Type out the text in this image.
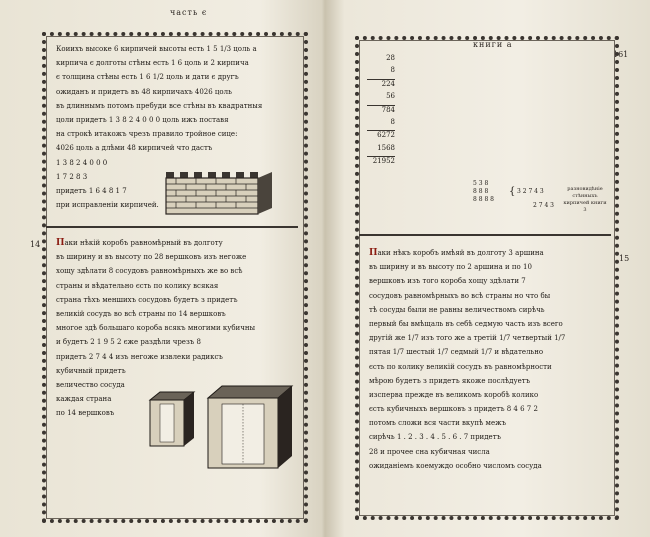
часть є
14
Коиихъ высоке 6 кирпичей высоты есть 1 5 1/3 цоль а
кирпича є долготы стѣны есть 1 6 цоль и 2 кирпича
є толщина стѣны есть 1 6 1/2 цоль и дати є другъ
ожиданъ и придетъ въ 48 кирпичахъ 4026 цоль
въ длиннымъ потомъ пребуди все стѣны въ квадратныя
цоли придетъ 1 3 8 2 4 0 0 0 цоль ижъ поставя
на строкѣ итакожъ чрезъ правило тройное сице:
4026 цоль а длѣми 48 кирпичей что дастъ
1 3 8 2 4 0 0 0
1 7 2 8 3
придетъ 1 6 4 8 1 7
при исправленіи кирпичей.
Паки нѣкій коробъ равномѣрный въ долготу
въ ширину и въ высоту по 28 вершковъ изъ негоже
хощу здѣлати 8 сосудовъ равномѣрныхъ же во всѣ
страны и вѣдательно єсть по колику всякая
страна тѣхъ меншихъ сосудовъ будетъ з придетъ
великій сосудъ во всѣ страны по 14 вершковъ
многое здѣ большаго короба всякъ многими кубичны
и будетъ 2 1 9 5 2 єже раздѣли чрезъ 8
придетъ 2 7 4 4 изъ негоже извлеки радиксъ
кубичный придетъ
величество сосуда
каждая страна
по 14 вершковъ
книги а
161
15
28
8
224
56
784
8
6272
1568
21952
5 3 8
8 8 8
8 8 8 8
{ 3 2 7 4 3
2 7 4 3
разновидѣніе стѣнныхъ кирпичей книги 3
Паки нѣкъ коробъ имѣяй въ долготу 3 аршина
въ ширину и въ высоту по 2 аршина и по 10
вершковъ изъ того короба хощу здѣлати 7
сосудовъ равномѣрныхъ во всѣ страны но что бы
тѣ сосуды были не равны величествомъ сирѣчь
первый бы вмѣщаль въ себѣ седмую часть изъ всего
другій же 1/7 изъ того же а третій 1/7 четвертый 1/7
пятая 1/7 шестый 1/7 седмый 1/7 и вѣдательно
єсть по колику великій сосудъ въ равномѣрности
мѣрою будетъ з придетъ якоже послѣдуетъ
изсперва прежде въ великомъ коробѣ колико
єсть кубичныхъ вершковъ з придетъ 8 4 6 7 2
потомъ сложи вся части вкупѣ межъ
сирѣчь 1 . 2 . 3 . 4 . 5 . 6 . 7 придетъ
28 и прочее сна кубичная числа
ожиданіемъ коемуждо особно числомъ сосуда
